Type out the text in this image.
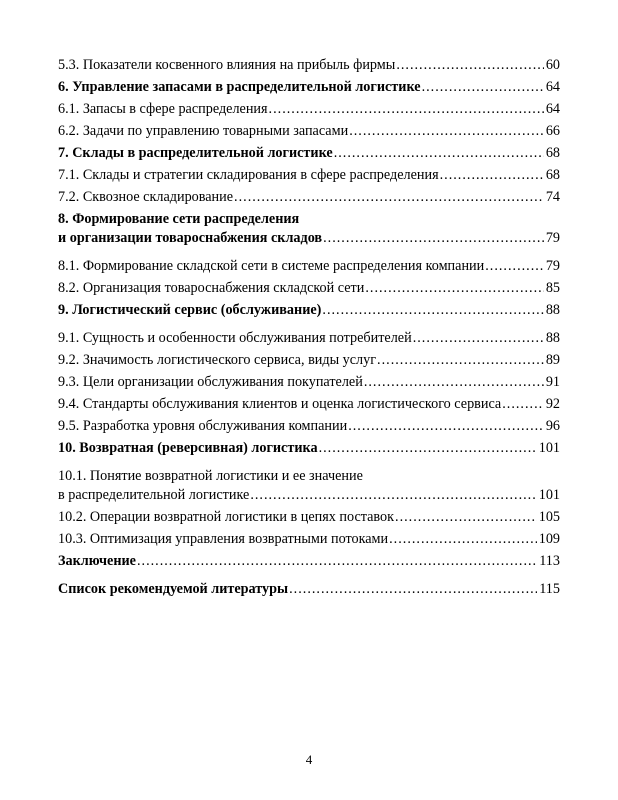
5.3. Показатели косвенного влияния на прибыль фирмы .....	60
6. Управление запасами в распределительной логистике .....	64
6.1. Запасы в сфере распределения .....	64
6.2. Задачи по управлению товарными запасами .....	66
7. Склады в распределительной логистике .....	68
7.1. Склады и стратегии складирования в сфере распределения .....	68
7.2. Сквозное складирование .....	74
8. Формирование сети распределения
и организации товароснабжения складов .....	79
8.1. Формирование складской сети в системе распределения компании .....	79
8.2. Организация товароснабжения складской сети .....	85
9. Логистический сервис (обслуживание) .....	88
9.1. Сущность и особенности обслуживания потребителей .....	88
9.2. Значимость логистического сервиса, виды услуг .....	89
9.3. Цели организации обслуживания покупателей .....	91
9.4. Стандарты обслуживания клиентов и оценка логистического сервиса .....	92
9.5. Разработка уровня обслуживания компании .....	96
10. Возвратная (реверсивная) логистика .....	101
10.1. Понятие возвратной логистики и ее значение
в распределительной логистике .....	101
10.2. Операции возвратной логистики в цепях поставок .....	105
10.3. Оптимизация управления возвратными потоками .....	109
Заключение .....	113
Список рекомендуемой литературы .....	115
4
